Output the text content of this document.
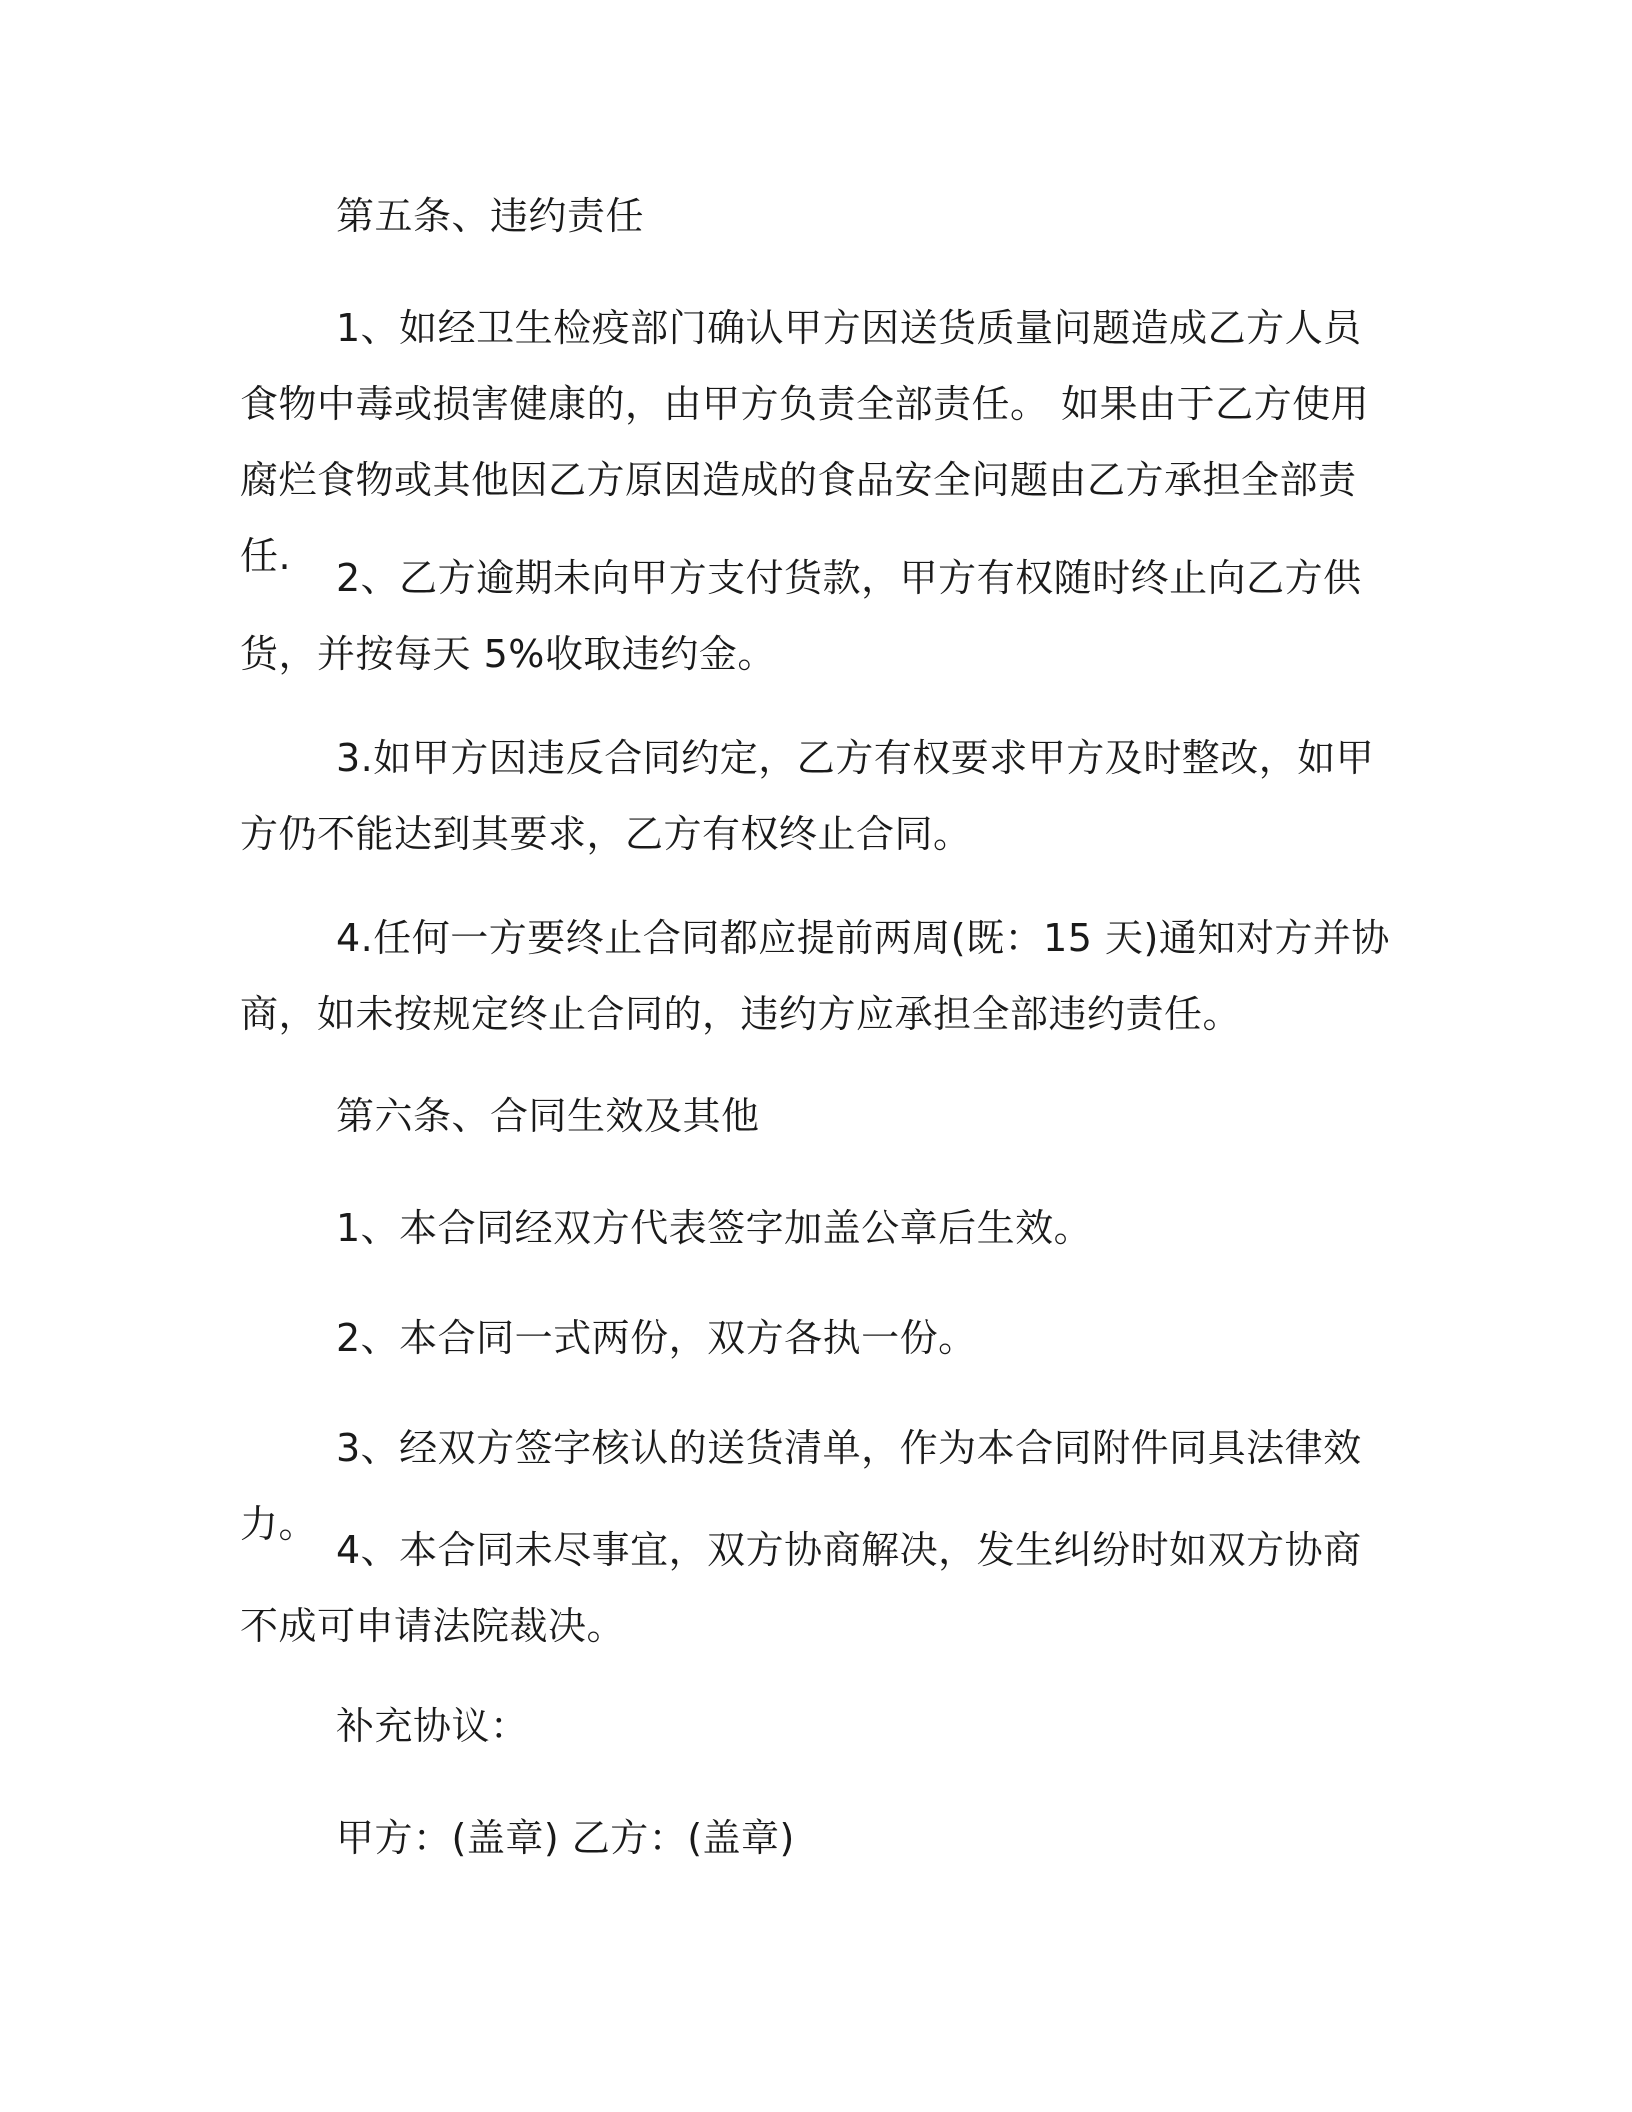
第五条、违约责任

1、如经卫生检疫部门确认甲方因送货质量问题造成乙方人员食物中毒或损害健康的，由甲方负责全部责任。 如果由于乙方使用腐烂食物或其他因乙方原因造成的食品安全问题由乙方承担全部责任.	2、乙方逾期未向甲方支付货款，甲方有权随时终止向乙方供货，并按每天 5%收取违约金。

3.如甲方因违反合同约定，乙方有权要求甲方及时整改，如甲方仍不能达到其要求，乙方有权终止合同。

4.任何一方要终止合同都应提前两周(既：15 天)通知对方并协商，如未按规定终止合同的，违约方应承担全部违约责任。

第六条、合同生效及其他

1、本合同经双方代表签字加盖公章后生效。

2、本合同一式两份，双方各执一份。

3、经双方签字核认的送货清单，作为本合同附件同具法律效力。

4、本合同未尽事宜，双方协商解决，发生纠纷时如双方协商不成可申请法院裁决。

补充协议：

甲方：(盖章) 乙方：(盖章)
